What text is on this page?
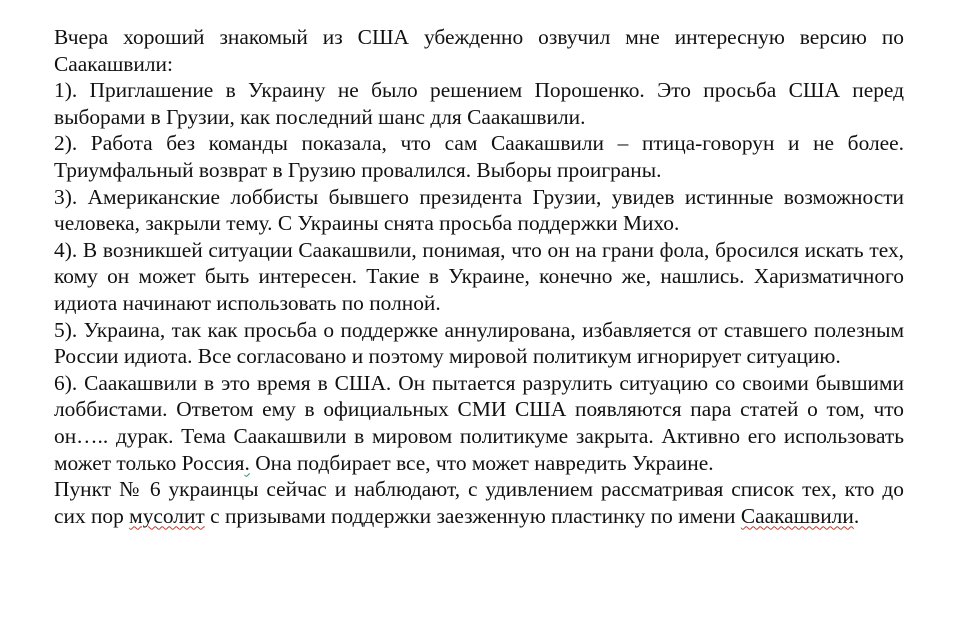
Вчера хороший знакомый из США убежденно озвучил мне интересную версию по Саакашвили:

1). Приглашение в Украину не было решением Порошенко. Это просьба США перед выборами в Грузии, как последний шанс для Саакашвили.

2). Работа без команды показала, что сам Саакашвили – птица-говорун и не более. Триумфальный возврат в Грузию провалился. Выборы проиграны.

3). Американские лоббисты бывшего президента Грузии, увидев истинные возможности человека, закрыли тему. С Украины снята просьба поддержки Михо.

4). В возникшей ситуации Саакашвили, понимая, что он на грани фола, бросился искать тех, кому он может быть интересен. Такие в Украине, конечно же, нашлись. Харизматичного идиота начинают использовать по полной.

5). Украина, так как просьба о поддержке аннулирована, избавляется от ставшего полезным России идиота. Все согласовано и поэтому мировой политикум игнорирует ситуацию.

6). Саакашвили в это время в США. Он пытается разрулить ситуацию со своими бывшими лоббистами. Ответом ему в официальных СМИ США появляются пара статей о том, что он….. дурак. Тема Саакашвили в мировом политикуме закрыта. Активно его использовать может только Россия. Она подбирает все, что может навредить Украине.

Пункт № 6 украинцы сейчас и наблюдают, с удивлением рассматривая список тех, кто до сих пор мусолит с призывами поддержки заезженную пластинку по имени Саакашвили.
